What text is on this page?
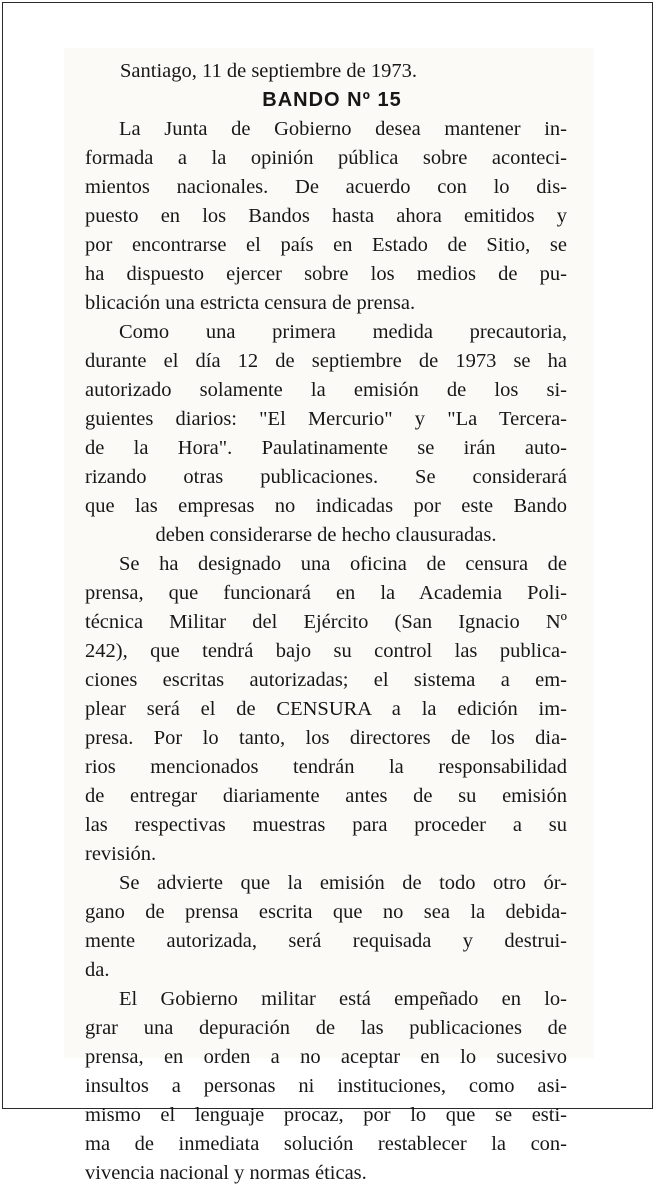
Santiago, 11 de septiembre de 1973.
BANDO Nº 15
La Junta de Gobierno desea mantener in-
formada a la opinión pública sobre aconteci-
mientos nacionales. De acuerdo con lo dis-
puesto en los Bandos hasta ahora emitidos y
por encontrarse el país en Estado de Sitio, se
ha dispuesto ejercer sobre los medios de pu-
blicación una estricta censura de prensa.
Como una primera medida precautoria,
durante el día 12 de septiembre de 1973 se ha
autorizado solamente la emisión de los si-
guientes diarios: "El Mercurio" y "La Tercera-
de la Hora". Paulatinamente se irán auto-
rizando otras publicaciones. Se considerará
que las empresas no indicadas por este Bando
deben considerarse de hecho clausuradas.
Se ha designado una oficina de censura de
prensa, que funcionará en la Academia Poli-
técnica Militar del Ejército (San Ignacio Nº
242), que tendrá bajo su control las publica-
ciones escritas autorizadas; el sistema a em-
plear será el de CENSURA a la edición im-
presa. Por lo tanto, los directores de los dia-
rios mencionados tendrán la responsabilidad
de entregar diariamente antes de su emisión
las respectivas muestras para proceder a su
revisión.
Se advierte que la emisión de todo otro ór-
gano de prensa escrita que no sea la debida-
mente autorizada, será requisada y destrui-
da.
El Gobierno militar está empeñado en lo-
grar una depuración de las publicaciones de
prensa, en orden a no aceptar en lo sucesivo
insultos a personas ni instituciones, como asi-
mismo el lenguaje procaz, por lo que se esti-
ma de inmediata solución restablecer la con-
vivencia nacional y normas éticas.
